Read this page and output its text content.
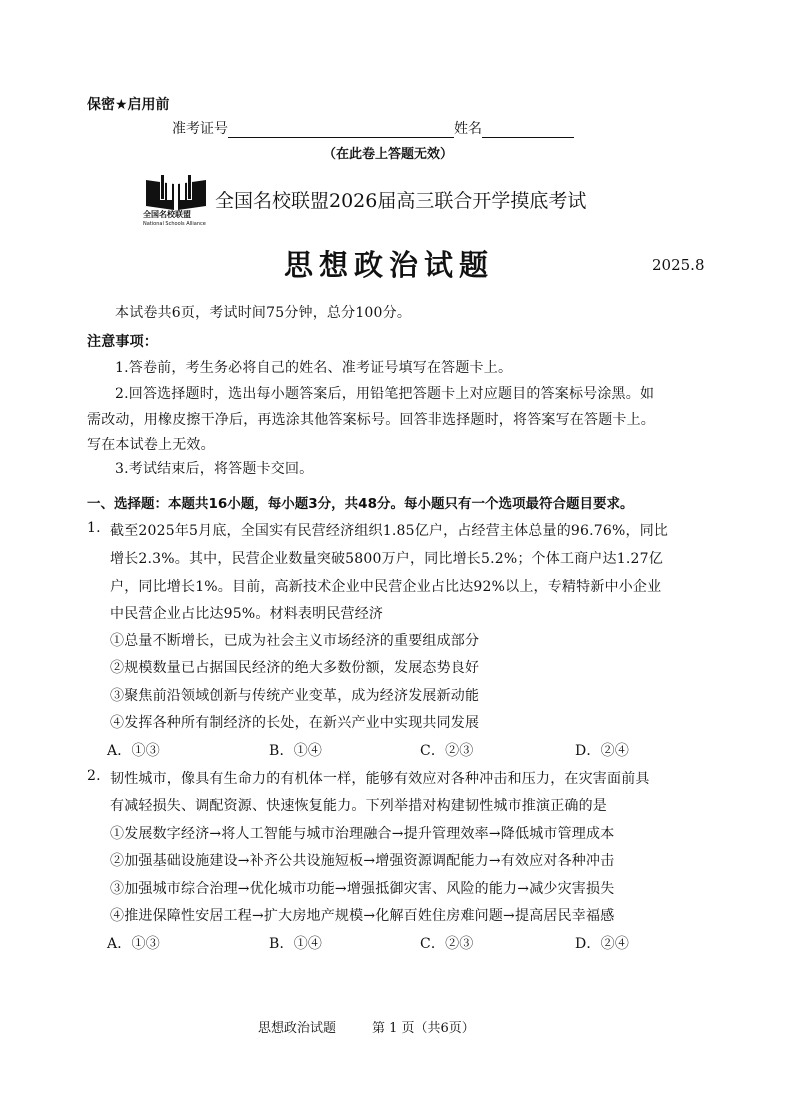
保密★启用前
准考证号	姓名
（在此卷上答题无效）
全国名校联盟
National Schools Alliance
全国名校联盟2026届高三联合开学摸底考试
思想政治试题	2025.8
本试卷共6页，考试时间75分钟，总分100分。
注意事项：
1.答卷前，考生务必将自己的姓名、准考证号填写在答题卡上。
2.回答选择题时，选出每小题答案后，用铅笔把答题卡上对应题目的答案标号涂黑。如
需改动，用橡皮擦干净后，再选涂其他答案标号。回答非选择题时，将答案写在答题卡上。
写在本试卷上无效。
3.考试结束后，将答题卡交回。
一、选择题：本题共16小题，每小题3分，共48分。每小题只有一个选项最符合题目要求。
1. 截至2025年5月底，全国实有民营经济组织1.85亿户，占经营主体总量的96.76%，同比
增长2.3%。其中，民营企业数量突破5800万户，同比增长5.2%；个体工商户达1.27亿
户，同比增长1%。目前，高新技术企业中民营企业占比达92%以上，专精特新中小企业
中民营企业占比达95%。材料表明民营经济
①总量不断增长，已成为社会主义市场经济的重要组成部分
②规模数量已占据国民经济的绝大多数份额，发展态势良好
③聚焦前沿领域创新与传统产业变革，成为经济发展新动能
④发挥各种所有制经济的长处，在新兴产业中实现共同发展
A．①③	B．①④	C．②③	D．②④
2. 韧性城市，像具有生命力的有机体一样，能够有效应对各种冲击和压力，在灾害面前具
有减轻损失、调配资源、快速恢复能力。下列举措对构建韧性城市推演正确的是
①发展数字经济→将人工智能与城市治理融合→提升管理效率→降低城市管理成本
②加强基础设施建设→补齐公共设施短板→增强资源调配能力→有效应对各种冲击
③加强城市综合治理→优化城市功能→增强抵御灾害、风险的能力→减少灾害损失
④推进保障性安居工程→扩大房地产规模→化解百姓住房难问题→提高居民幸福感
A．①③	B．①④	C．②③	D．②④
思想政治试题	第 1 页（共6页）
